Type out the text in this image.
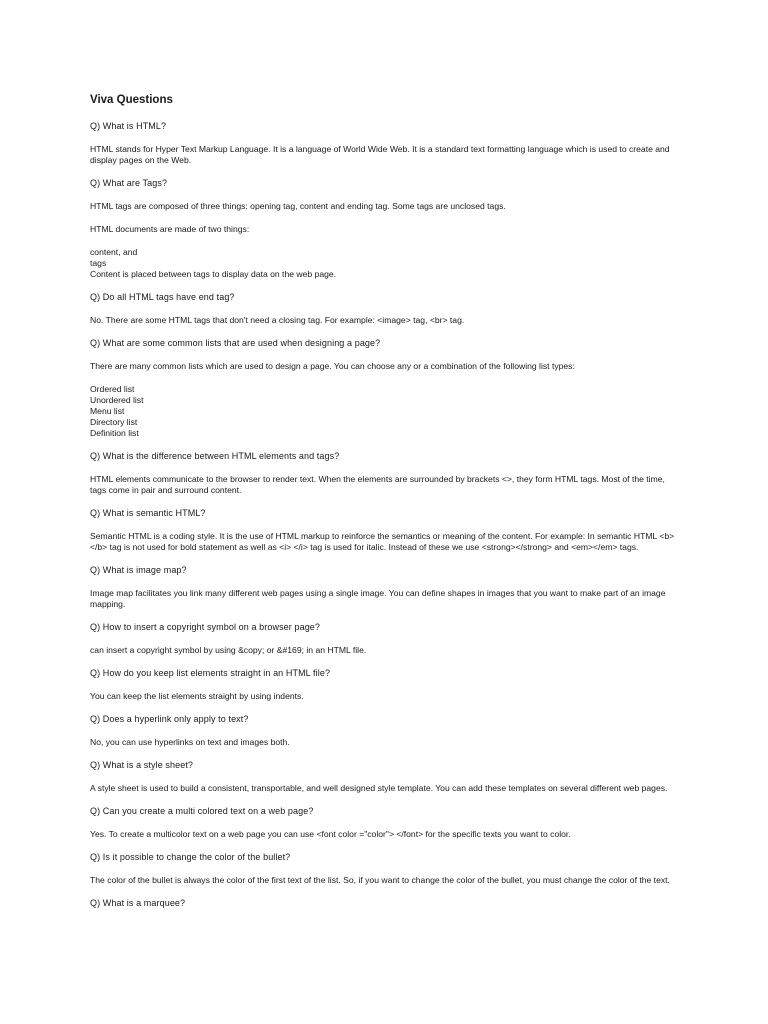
Viva Questions
Q) What is HTML?
HTML stands for Hyper Text Markup Language. It is a language of World Wide Web. It is a standard text formatting language which is used to create and display pages on the Web.
Q) What are Tags?
HTML tags are composed of three things: opening tag, content and ending tag. Some tags are unclosed tags.
HTML documents are made of two things:
content, and
tags
Content is placed between tags to display data on the web page.
Q) Do all HTML tags have end tag?
No. There are some HTML tags that don't need a closing tag. For example: <image> tag, <br> tag.
Q) What are some common lists that are used when designing a page?
There are many common lists which are used to design a page. You can choose any or a combination of the following list types:
Ordered list
Unordered list
Menu list
Directory list
Definition list
Q) What is the difference between HTML elements and tags?
HTML elements communicate to the browser to render text. When the elements are surrounded by brackets <>, they form HTML tags. Most of the time, tags come in pair and surround content.
Q) What is semantic HTML?
Semantic HTML is a coding style. It is the use of HTML markup to reinforce the semantics or meaning of the content. For example: In semantic HTML <b> </b> tag is not used for bold statement as well as <i> </i> tag is used for italic. Instead of these we use <strong></strong> and <em></em> tags.
Q) What is image map?
Image map facilitates you link many different web pages using a single image. You can define shapes in images that you want to make part of an image mapping.
Q) How to insert a copyright symbol on a browser page?
can insert a copyright symbol by using &copy; or &#169; in an HTML file.
Q) How do you keep list elements straight in an HTML file?
You can keep the list elements straight by using indents.
Q) Does a hyperlink only apply to text?
No, you can use hyperlinks on text and images both.
Q) What is a style sheet?
A style sheet is used to build a consistent, transportable, and well designed style template. You can add these templates on several different web pages.
Q) Can you create a multi colored text on a web page?
Yes. To create a multicolor text on a web page you can use <font color ="color"> </font> for the specific texts you want to color.
Q) Is it possible to change the color of the bullet?
The color of the bullet is always the color of the first text of the list. So, if you want to change the color of the bullet, you must change the color of the text.
Q) What is a marquee?
